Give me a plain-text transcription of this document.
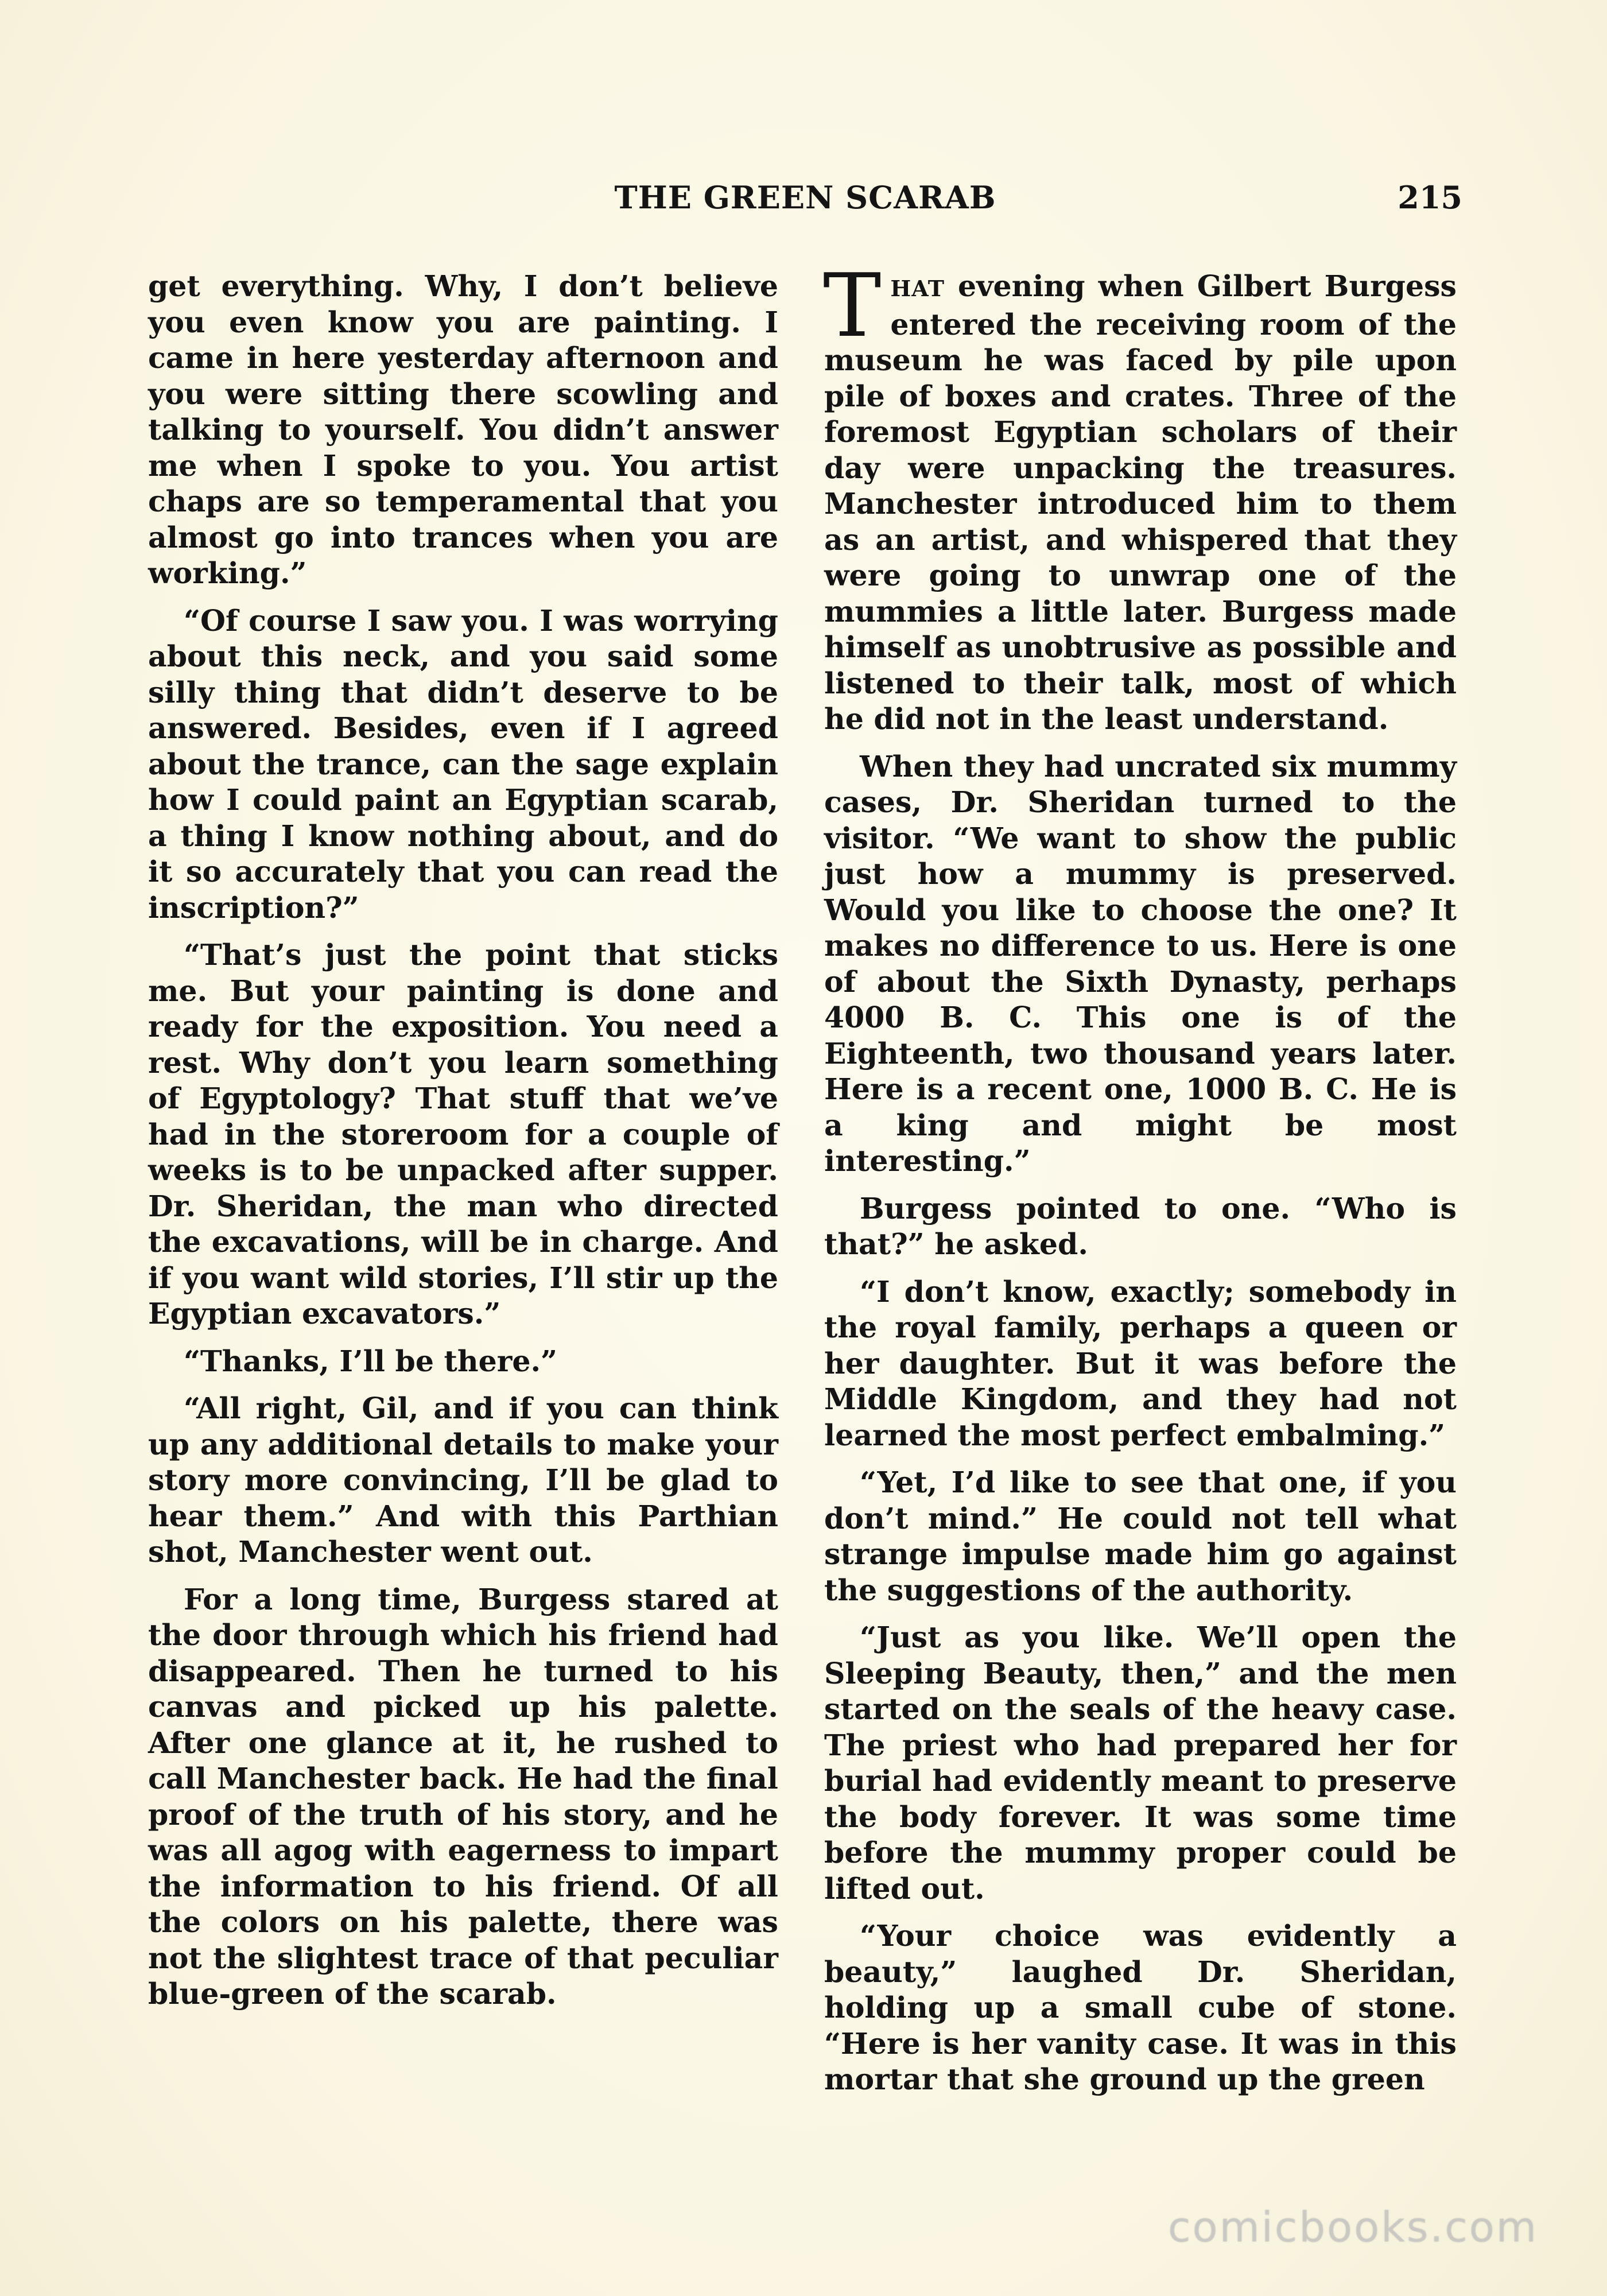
THE GREEN SCARAB	215

get everything. Why, I don’t believe you even know you are painting. I came in here yesterday afternoon and you were sitting there scowling and talking to yourself. You didn’t answer me when I spoke to you. You artist chaps are so temperamental that you almost go into trances when you are working.”

“Of course I saw you. I was worrying about this neck, and you said some silly thing that didn’t deserve to be answered. Besides, even if I agreed about the trance, can the sage explain how I could paint an Egyptian scarab, a thing I know nothing about, and do it so accurately that you can read the inscription?”

“That’s just the point that sticks me. But your painting is done and ready for the exposition. You need a rest. Why don’t you learn something of Egyptology? That stuff that we’ve had in the storeroom for a couple of weeks is to be unpacked after supper. Dr. Sheridan, the man who directed the excavations, will be in charge. And if you want wild stories, I’ll stir up the Egyptian excavators.”

“Thanks, I’ll be there.”

“All right, Gil, and if you can think up any additional details to make your story more convincing, I’ll be glad to hear them.” And with this Parthian shot, Manchester went out.

For a long time, Burgess stared at the door through which his friend had disappeared. Then he turned to his canvas and picked up his palette. After one glance at it, he rushed to call Manchester back. He had the final proof of the truth of his story, and he was all agog with eagerness to impart the information to his friend. Of all the colors on his palette, there was not the slightest trace of that peculiar blue-green of the scarab.

THAT evening when Gilbert Burgess entered the receiving room of the museum he was faced by pile upon pile of boxes and crates. Three of the foremost Egyptian scholars of their day were unpacking the treasures. Manchester introduced him to them as an artist, and whispered that they were going to unwrap one of the mummies a little later. Burgess made himself as unobtrusive as possible and listened to their talk, most of which he did not in the least understand.

When they had uncrated six mummy cases, Dr. Sheridan turned to the visitor. “We want to show the public just how a mummy is preserved. Would you like to choose the one? It makes no difference to us. Here is one of about the Sixth Dynasty, perhaps 4000 B. C. This one is of the Eighteenth, two thousand years later. Here is a recent one, 1000 B. C. He is a king and might be most interesting.”

Burgess pointed to one. “Who is that?” he asked.

“I don’t know, exactly; somebody in the royal family, perhaps a queen or her daughter. But it was before the Middle Kingdom, and they had not learned the most perfect embalming.”

“Yet, I’d like to see that one, if you don’t mind.” He could not tell what strange impulse made him go against the suggestions of the authority.

“Just as you like. We’ll open the Sleeping Beauty, then,” and the men started on the seals of the heavy case. The priest who had prepared her for burial had evidently meant to preserve the body forever. It was some time before the mummy proper could be lifted out.

“Your choice was evidently a beauty,” laughed Dr. Sheridan, holding up a small cube of stone. “Here is her vanity case. It was in this mortar that she ground up the green

comicbooks.com
